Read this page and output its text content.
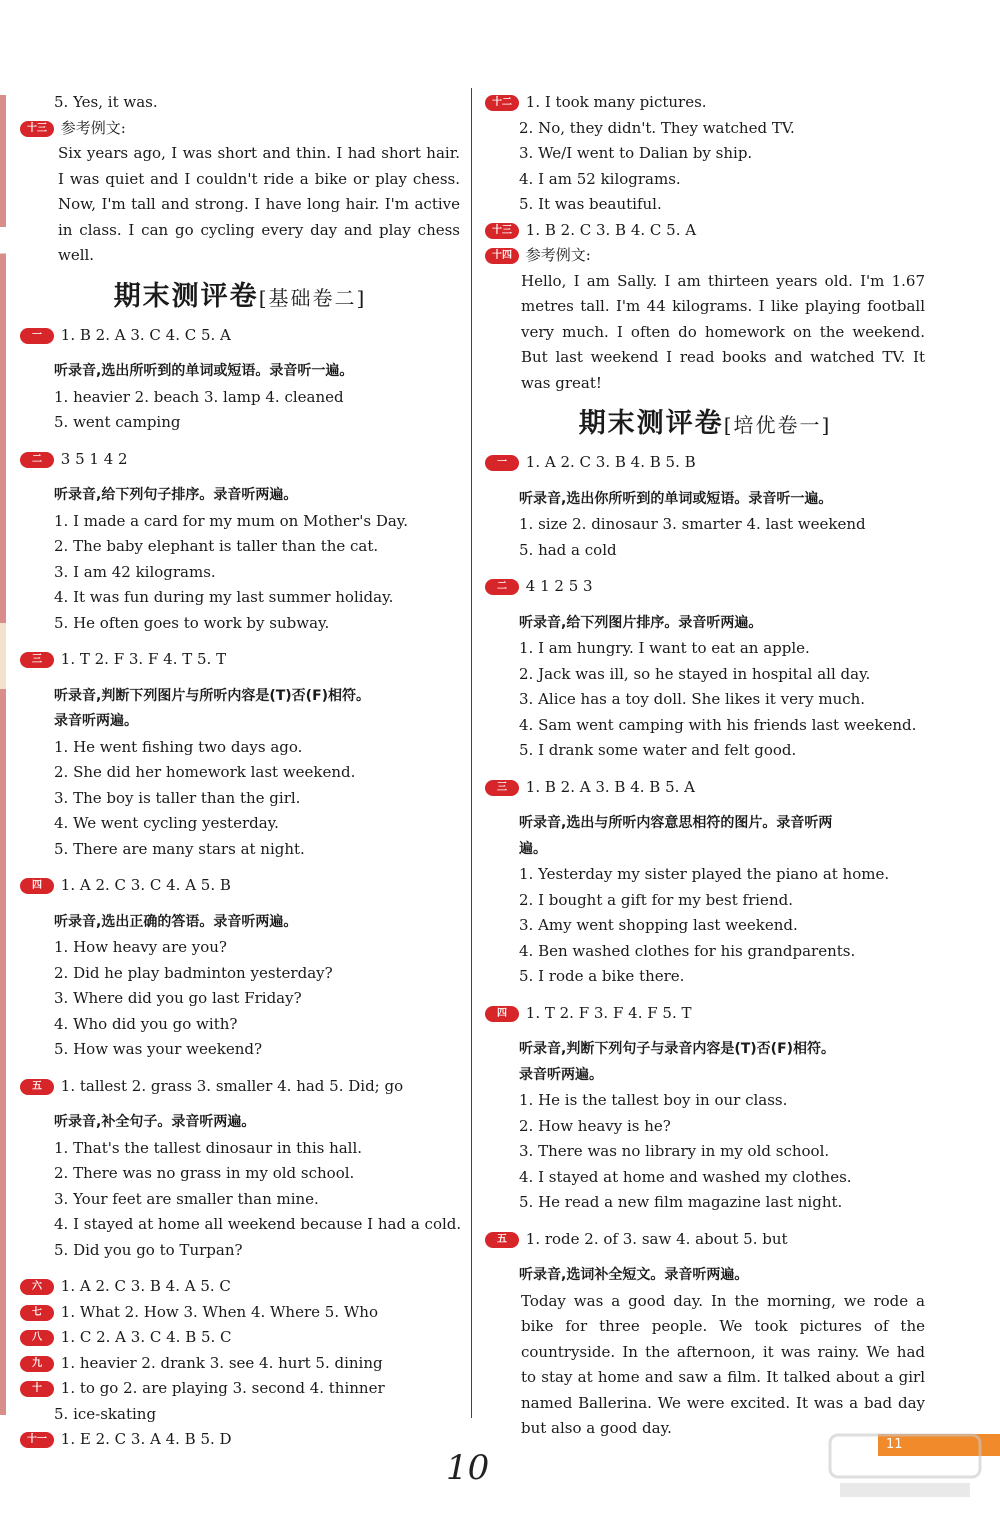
5. Yes, it was.
十三 参考例文:
Six years ago, I was short and thin. I had short hair. I was quiet and I couldn't ride a bike or play chess. Now, I'm tall and strong. I have long hair. I'm active in class. I can go cycling every day and play chess well.
期末测评卷[基础卷二]
一 1. B 2. A 3. C 4. C 5. A
听录音,选出所听到的单词或短语。录音听一遍。
1. heavier 2. beach 3. lamp 4. cleaned
5. went camping
二 3 5 1 4 2
听录音,给下列句子排序。录音听两遍。
1. I made a card for my mum on Mother's Day.
2. The baby elephant is taller than the cat.
3. I am 42 kilograms.
4. It was fun during my last summer holiday.
5. He often goes to work by subway.
三 1. T 2. F 3. F 4. T 5. T
听录音,判断下列图片与所听内容是(T)否(F)相符。
录音听两遍。
1. He went fishing two days ago.
2. She did her homework last weekend.
3. The boy is taller than the girl.
4. We went cycling yesterday.
5. There are many stars at night.
四 1. A 2. C 3. C 4. A 5. B
听录音,选出正确的答语。录音听两遍。
1. How heavy are you?
2. Did he play badminton yesterday?
3. Where did you go last Friday?
4. Who did you go with?
5. How was your weekend?
五 1. tallest 2. grass 3. smaller 4. had 5. Did; go
听录音,补全句子。录音听两遍。
1. That's the tallest dinosaur in this hall.
2. There was no grass in my old school.
3. Your feet are smaller than mine.
4. I stayed at home all weekend because I had a cold.
5. Did you go to Turpan?
六 1. A 2. C 3. B 4. A 5. C
七 1. What 2. How 3. When 4. Where 5. Who
八 1. C 2. A 3. C 4. B 5. C
九 1. heavier 2. drank 3. see 4. hurt 5. dining
十 1. to go 2. are playing 3. second 4. thinner
5. ice-skating
十一 1. E 2. C 3. A 4. B 5. D
十二 1. I took many pictures.
2. No, they didn't. They watched TV.
3. We/I went to Dalian by ship.
4. I am 52 kilograms.
5. It was beautiful.
十三 1. B 2. C 3. B 4. C 5. A
十四 参考例文:
Hello, I am Sally. I am thirteen years old. I'm 1.67 metres tall. I'm 44 kilograms. I like playing football very much. I often do homework on the weekend. But last weekend I read books and watched TV. It was great!
期末测评卷[培优卷一]
一 1. A 2. C 3. B 4. B 5. B
听录音,选出你所听到的单词或短语。录音听一遍。
1. size 2. dinosaur 3. smarter 4. last weekend
5. had a cold
二 4 1 2 5 3
听录音,给下列图片排序。录音听两遍。
1. I am hungry. I want to eat an apple.
2. Jack was ill, so he stayed in hospital all day.
3. Alice has a toy doll. She likes it very much.
4. Sam went camping with his friends last weekend.
5. I drank some water and felt good.
三 1. B 2. A 3. B 4. B 5. A
听录音,选出与所听内容意思相符的图片。录音听两
遍。
1. Yesterday my sister played the piano at home.
2. I bought a gift for my best friend.
3. Amy went shopping last weekend.
4. Ben washed clothes for his grandparents.
5. I rode a bike there.
四 1. T 2. F 3. F 4. F 5. T
听录音,判断下列句子与录音内容是(T)否(F)相符。
录音听两遍。
1. He is the tallest boy in our class.
2. How heavy is he?
3. There was no library in my old school.
4. I stayed at home and washed my clothes.
5. He read a new film magazine last night.
五 1. rode 2. of 3. saw 4. about 5. but
听录音,选词补全短文。录音听两遍。
Today was a good day. In the morning, we rode a bike for three people. We took pictures of the countryside. In the afternoon, it was rainy. We had to stay at home and saw a film. It talked about a girl named Ballerina. We were excited. It was a bad day but also a good day.
10
11
